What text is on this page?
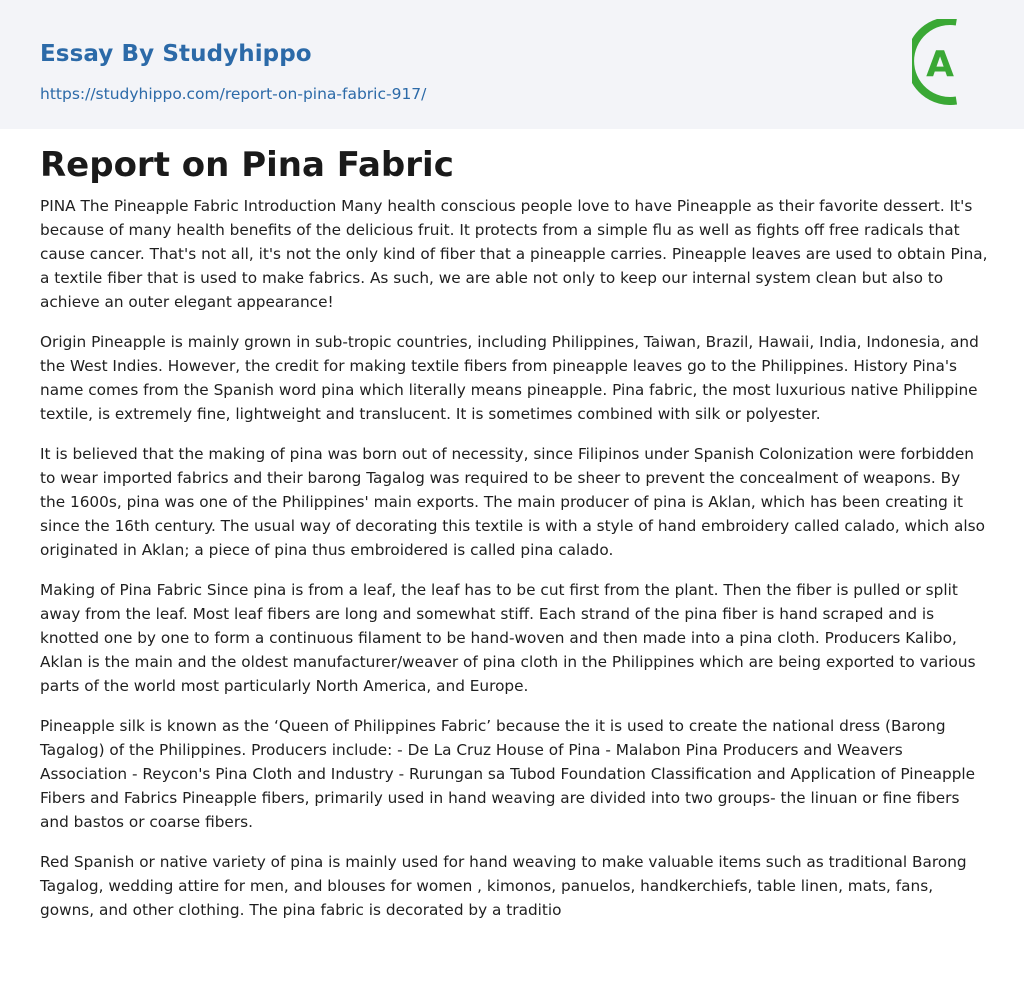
Essay By Studyhippo
https://studyhippo.com/report-on-pina-fabric-917/
A
Report on Pina Fabric

PINA The Pineapple Fabric Introduction Many health conscious people love to have Pineapple as their favorite dessert. It's because of many health benefits of the delicious fruit. It protects from a simple flu as well as fights off free radicals that cause cancer. That's not all, it's not the only kind of fiber that a pineapple carries. Pineapple leaves are used to obtain Pina, a textile fiber that is used to make fabrics. As such, we are able not only to keep our internal system clean but also to achieve an outer elegant appearance!

Origin Pineapple is mainly grown in sub-tropic countries, including Philippines, Taiwan, Brazil, Hawaii, India, Indonesia, and the West Indies. However, the credit for making textile fibers from pineapple leaves go to the Philippines. History Pina's name comes from the Spanish word pina which literally means pineapple. Pina fabric, the most luxurious native Philippine textile, is extremely fine, lightweight and translucent. It is sometimes combined with silk or polyester.

It is believed that the making of pina was born out of necessity, since Filipinos under Spanish Colonization were forbidden to wear imported fabrics and their barong Tagalog was required to be sheer to prevent the concealment of weapons. By the 1600s, pina was one of the Philippines' main exports. The main producer of pina is Aklan, which has been creating it since the 16th century. The usual way of decorating this textile is with a style of hand embroidery called calado, which also originated in Aklan; a piece of pina thus embroidered is called pina calado.

Making of Pina Fabric Since pina is from a leaf, the leaf has to be cut first from the plant. Then the fiber is pulled or split away from the leaf. Most leaf fibers are long and somewhat stiff. Each strand of the pina fiber is hand scraped and is knotted one by one to form a continuous filament to be hand-woven and then made into a pina cloth. Producers Kalibo, Aklan is the main and the oldest manufacturer/weaver of pina cloth in the Philippines which are being exported to various parts of the world most particularly North America, and Europe.

Pineapple silk is known as the ‘Queen of Philippines Fabric’ because the it is used to create the national dress (Barong Tagalog) of the Philippines. Producers include: - De La Cruz House of Pina - Malabon Pina Producers and Weavers Association - Reycon's Pina Cloth and Industry - Rurungan sa Tubod Foundation Classification and Application of Pineapple Fibers and Fabrics Pineapple fibers, primarily used in hand weaving are divided into two groups- the linuan or fine fibers and bastos or coarse fibers.

Red Spanish or native variety of pina is mainly used for hand weaving to make valuable items such as traditional Barong Tagalog, wedding attire for men, and blouses for women , kimonos, panuelos, handkerchiefs, table linen, mats, fans, gowns, and other clothing. The pina fabric is decorated by a traditio
